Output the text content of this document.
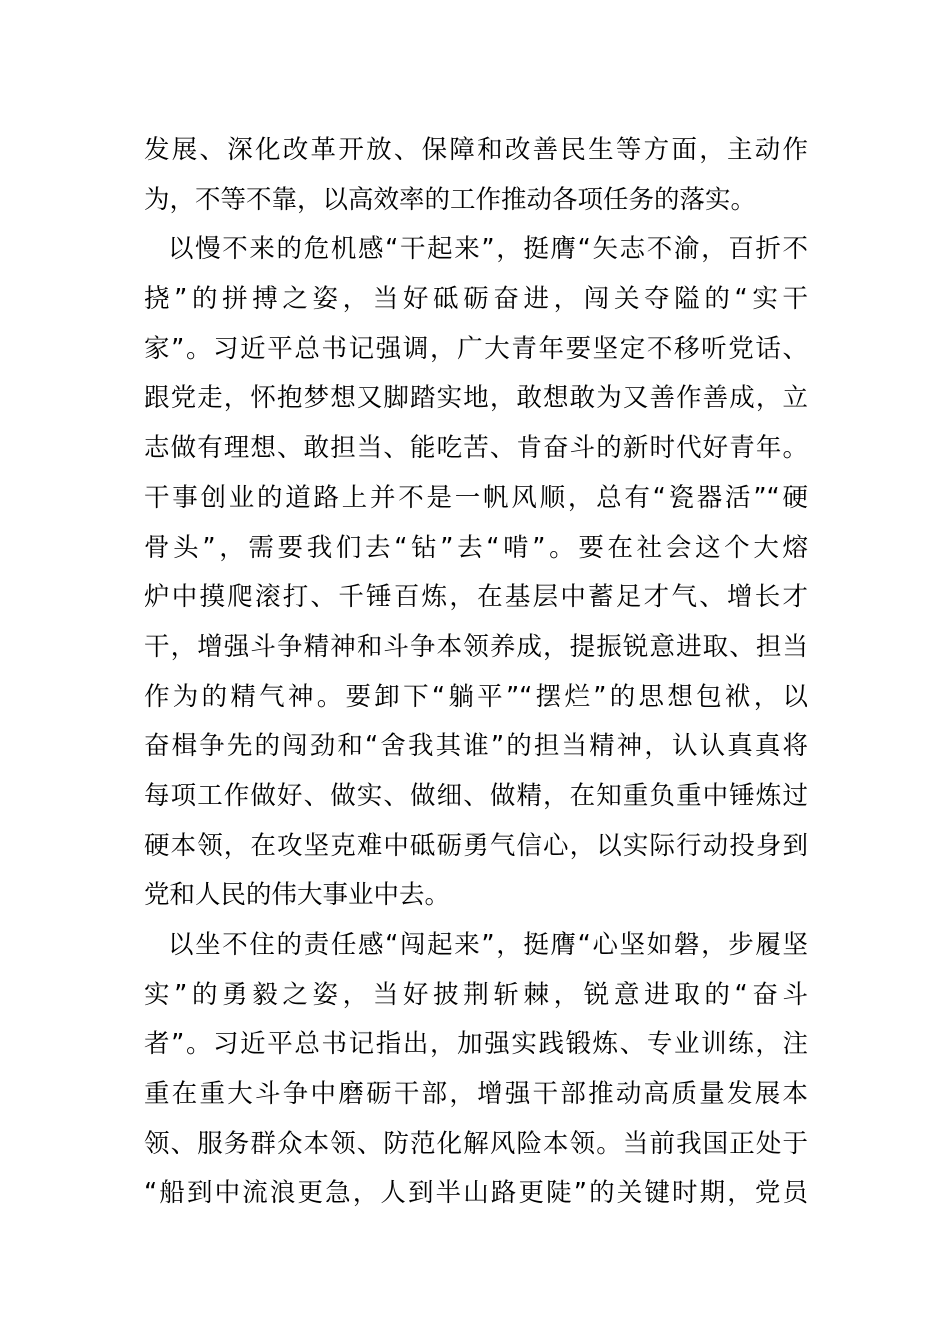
发展、深化改革开放、保障和改善民生等方面，主动作
为，不等不靠，以高效率的工作推动各项任务的落实。
以慢不来的危机感“干起来”，挺膺“矢志不渝，百折不
挠”的拼搏之姿，当好砥砺奋进，闯关夺隘的“实干
家”。习近平总书记强调，广大青年要坚定不移听党话、
跟党走，怀抱梦想又脚踏实地，敢想敢为又善作善成，立
志做有理想、敢担当、能吃苦、肯奋斗的新时代好青年。
干事创业的道路上并不是一帆风顺，总有“瓷器活”“硬
骨头”，需要我们去“钻”去“啃”。要在社会这个大熔
炉中摸爬滚打、千锤百炼，在基层中蓄足才气、增长才
干，增强斗争精神和斗争本领养成，提振锐意进取、担当
作为的精气神。要卸下“躺平”“摆烂”的思想包袱，以
奋楫争先的闯劲和“舍我其谁”的担当精神，认认真真将
每项工作做好、做实、做细、做精，在知重负重中锤炼过
硬本领，在攻坚克难中砥砺勇气信心，以实际行动投身到
党和人民的伟大事业中去。
以坐不住的责任感“闯起来”，挺膺“心坚如磐，步履坚
实”的勇毅之姿，当好披荆斩棘，锐意进取的“奋斗
者”。习近平总书记指出，加强实践锻炼、专业训练，注
重在重大斗争中磨砺干部，增强干部推动高质量发展本
领、服务群众本领、防范化解风险本领。当前我国正处于
“船到中流浪更急，人到半山路更陡”的关键时期，党员
